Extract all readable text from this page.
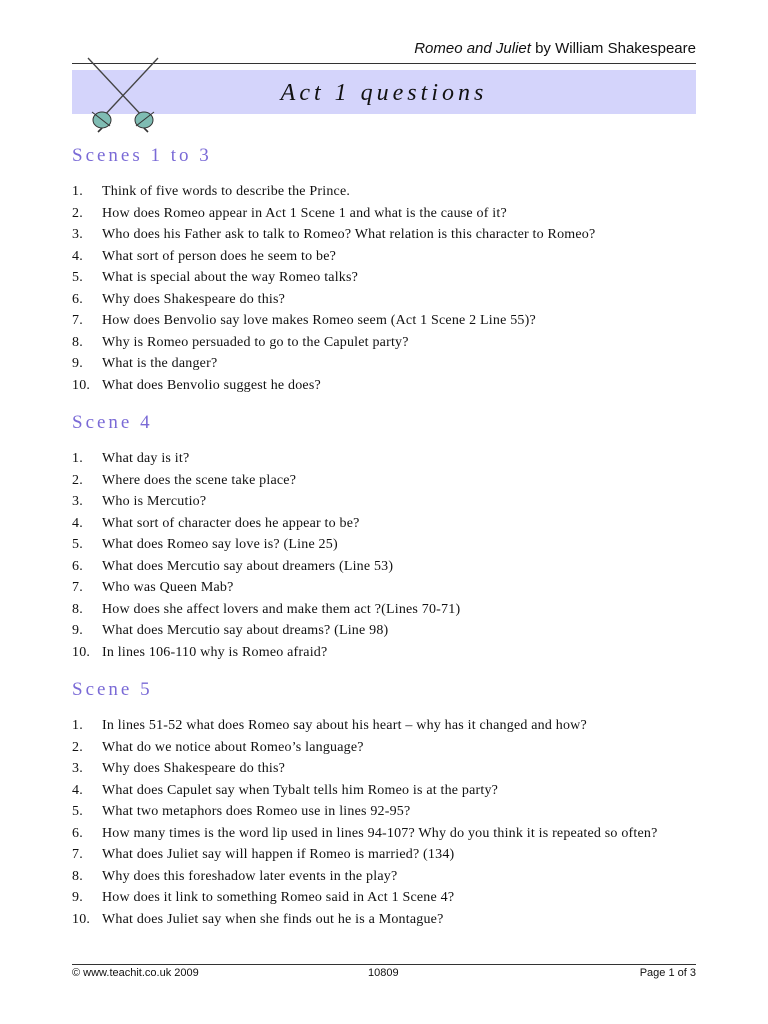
Romeo and Juliet by William Shakespeare
Act 1 questions
Scenes 1 to 3
1.	Think of five words to describe the Prince.
2.	How does Romeo appear in Act 1 Scene 1 and what is the cause of it?
3.	Who does his Father ask to talk to Romeo? What relation is this character to Romeo?
4.	What sort of person does he seem to be?
5.	What is special about the way Romeo talks?
6.	Why does Shakespeare do this?
7.	How does Benvolio say love makes Romeo seem (Act 1 Scene 2 Line 55)?
8.	Why is Romeo persuaded to go to the Capulet party?
9.	What is the danger?
10. What does Benvolio suggest he does?
Scene 4
1.	What day is it?
2.	Where does the scene take place?
3.	Who is Mercutio?
4.	What sort of character does he appear to be?
5.	What does Romeo say love is? (Line 25)
6.	What does Mercutio say about dreamers (Line 53)
7.	Who was Queen Mab?
8.	How does she affect lovers and make them act ?(Lines 70-71)
9.	What does Mercutio say about dreams? (Line 98)
10. In lines 106-110 why is Romeo afraid?
Scene 5
1.	In lines 51-52 what does Romeo say about his heart – why has it changed and how?
2.	What do we notice about Romeo’s language?
3.	Why does Shakespeare do this?
4.	What does Capulet say when Tybalt tells him Romeo is at the party?
5.	What two metaphors does Romeo use in lines 92-95?
6.	How many times is the word lip used in lines 94-107? Why do you think it is repeated so often?
7.	What does Juliet say will happen if Romeo is married? (134)
8.	Why does this foreshadow later events in the play?
9.	How does it link to something Romeo said in Act 1 Scene 4?
10. What does Juliet say when she finds out he is a Montague?
© www.teachit.co.uk 2009	10809	Page 1 of 3
